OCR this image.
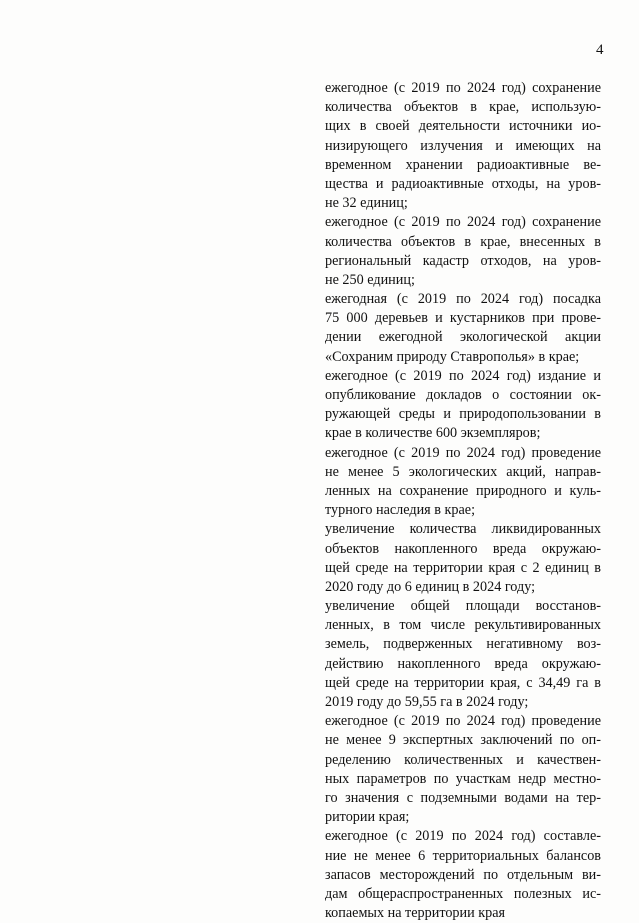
4
ежегодное (с 2019 по 2024 год) сохранение
количества объектов в крае, использую-
щих в своей деятельности источники ио-
низирующего излучения и имеющих на
временном хранении радиоактивные ве-
щества и радиоактивные отходы, на уров-
не 32 единиц;
ежегодное (с 2019 по 2024 год) сохранение
количества объектов в крае, внесенных в
региональный кадастр отходов, на уров-
не 250 единиц;
ежегодная (с 2019 по 2024 год) посадка
75 000 деревьев и кустарников при прове-
дении ежегодной экологической акции
«Сохраним природу Ставрополья» в крае;
ежегодное (с 2019 по 2024 год) издание и
опубликование докладов о состоянии ок-
ружающей среды и природопользовании в
крае в количестве 600 экземпляров;
ежегодное (с 2019 по 2024 год) проведение
не менее 5 экологических акций, направ-
ленных на сохранение природного и куль-
турного наследия в крае;
увеличение количества ликвидированных
объектов накопленного вреда окружаю-
щей среде на территории края с 2 единиц в
2020 году до 6 единиц в 2024 году;
увеличение общей площади восстанов-
ленных, в том числе рекультивированных
земель, подверженных негативному воз-
действию накопленного вреда окружаю-
щей среде на территории края, с 34,49 га в
2019 году до 59,55 га в 2024 году;
ежегодное (с 2019 по 2024 год) проведение
не менее 9 экспертных заключений по оп-
ределению количественных и качествен-
ных параметров по участкам недр местно-
го значения с подземными водами на тер-
ритории края;
ежегодное (с 2019 по 2024 год) составле-
ние не менее 6 территориальных балансов
запасов месторождений по отдельным ви-
дам общераспространенных полезных ис-
копаемых на территории края
